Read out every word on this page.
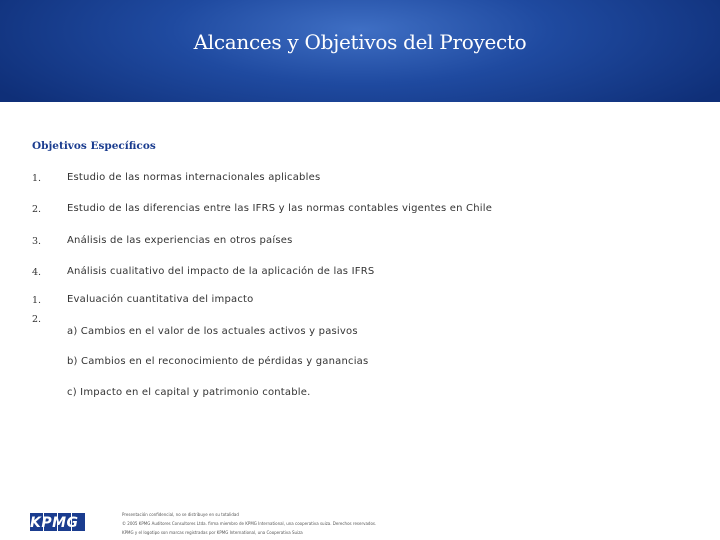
Alcances y Objetivos del Proyecto
Objetivos Específicos
1.	Estudio de las normas internacionales aplicables
2.	Estudio de las diferencias entre las IFRS y las normas contables vigentes en Chile
3.	Análisis de las experiencias en otros países
4.	Análisis cualitativo del impacto de la aplicación de las IFRS
1.	Evaluación cuantitativa del impacto
2.
a) Cambios en el valor de los actuales activos y pasivos
b) Cambios en el reconocimiento de pérdidas y ganancias
c) Impacto en el capital y patrimonio contable.
KPMG
Presentación confidencial, no se distribuye en su totalidad
© 2005 KPMG Auditores Consultores Ltda. firma miembro de KPMG International, una cooperativa suiza. Derechos reservados.
KPMG y el logotipo son marcas registradas por KPMG International, una Cooperativa Suiza
